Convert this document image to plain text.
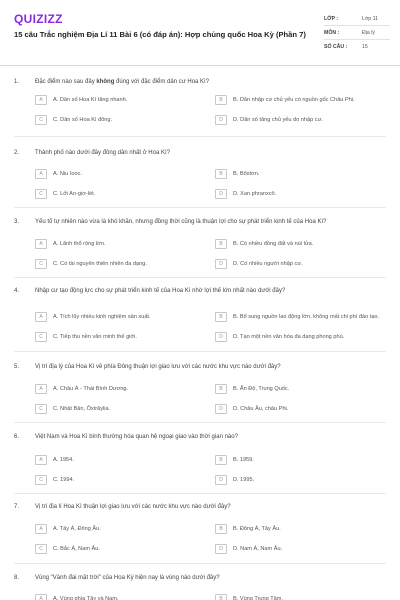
QUIZIZZ
15 câu Trắc nghiệm Địa Lí 11 Bài 6 (có đáp án): Hợp chủng quốc Hoa Kỳ (Phần 7)
LỚP :	Lớp 11
MÔN :	Địa lý
SỐ CÂU :	15
1.	Đặc điểm nào sau đây không đúng với đặc điểm dân cư Hoa Kì?
A	A. Dân số Hoa Kì tăng nhanh.	B	B. Dân nhập cư chủ yếu có nguồn gốc Châu Phi.
C	C. Dân số Hoa Kì đông.	D	D. Dân số tăng chủ yếu do nhập cư.
2.	Thành phố nào dưới đây đông dân nhất ở Hoa Kì?
A	A. Niu Iooc.	B	B. Bôxtơn.
C	C. Lốt An-giơ-lét.	D	D. Xan phranxcô.
3.	Yếu tố tự nhiên nào vừa là khó khăn, nhưng đồng thời cũng là thuận lợi cho sự phát triển kinh tế của Hoa Kì?
A	A. Lãnh thổ rộng lớn.	B	B. Có nhiều đồng đất và núi lửa.
C	C. Có tài nguyên thiên nhiên đa dạng.	D	D. Có nhiều người nhập cư.
4.	Nhập cư tạo động lực cho sự phát triển kinh tế của Hoa Kì nhờ lợi thế lớn nhất nào dưới đây?
A	A. Tích lũy nhiều kinh nghiệm sản xuất.	B	B. Bổ sung nguồn lao động lớn, không mất chi phí đào tạo.
C	C. Tiếp thu nền văn minh thế giới.	D	D. Tạo một nền văn hóa đa dạng phong phú.
5.	Vị trí địa lý của Hoa Kì về phía Đông thuận lợi giao lưu với các nước khu vực nào dưới đây?
A	A. Châu Á - Thái Bình Dương.	B	B. Ấn Độ, Trung Quốc.
C	C. Nhật Bản, Ôxtrâylia.	D	D. Châu Âu, châu Phi.
6.	Việt Nam và Hoa Kì bình thường hóa quan hệ ngoại giao vào thời gian nào?
A	A. 1954.	B	B. 1959.
C	C. 1994.	D	D. 1995.
7.	Vị trí địa lí Hoa Kì thuận lợi giao lưu với các nước khu vực nào dưới đây?
A	A. Tây Á, Đông Âu.	B	B. Đông Á, Tây Âu.
C	C. Bắc Á, Nam Âu.	D	D. Nam Á, Nam Âu.
8.	Vùng "Vành đai mặt trời" của Hoa Kỳ hiện nay là vùng nào dưới đây?
A	A. Vùng phía Tây và Nam.	B	B. Vùng Trung Tâm.
